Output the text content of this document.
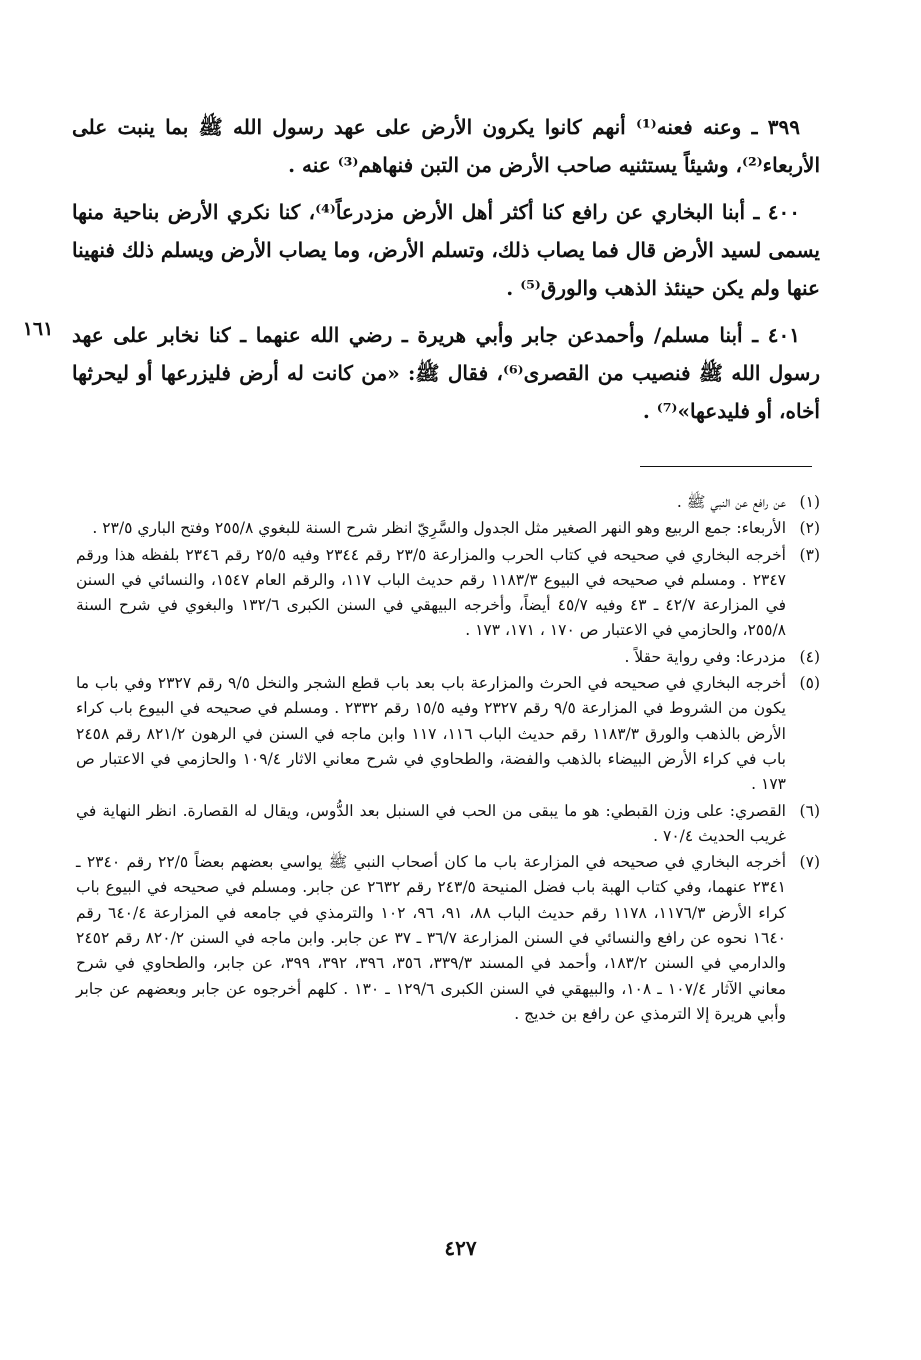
١٦١

٣٩٩ ـ وعنه فعنه⁽¹⁾ أنهم كانوا يكرون الأرض على عهد رسول الله ﷺ بما ينبت على الأربعاء⁽²⁾، وشيئاً يستثنيه صاحب الأرض من التبن فنهاهم⁽³⁾ عنه .

٤٠٠ ـ أبنا البخاري عن رافع كنا أكثر أهل الأرض مزدرعاً⁽⁴⁾، كنا نكري الأرض بناحية منها يسمى لسيد الأرض قال فما يصاب ذلك، وتسلم الأرض، وما يصاب الأرض ويسلم ذلك فنهينا عنها ولم يكن حينئذ الذهب والورق⁽⁵⁾ .

٤٠١ ـ أبنا مسلم/ وأحمدعن جابر وأبي هريرة ـ رضي الله عنهما ـ كنا نخابر على عهد رسول الله ﷺ فنصيب من القصرى⁽⁶⁾، فقال ﷺ: «من كانت له أرض فليزرعها أو ليحرثها أخاه، أو فليدعها»⁽⁷⁾ .

(١)
عن رافع عن النبي ﷺ .
(٢)
الأربعاء: جمع الربيع وهو النهر الصغير مثل الجدول والسَّرِيّ انظر شرح السنة للبغوي ٢٥٥/٨ وفتح الباري ٢٣/٥ .
(٣)
أخرجه البخاري في صحيحه في كتاب الحرب والمزارعة ٢٣/٥ رقم ٢٣٤٤ وفيه ٢٥/٥ رقم ٢٣٤٦ بلفظه هذا ورقم ٢٣٤٧ . ومسلم في صحيحه في البيوع ١١٨٣/٣ رقم حديث الباب ١١٧، والرقم العام ١٥٤٧، والنسائي في السنن في المزارعة ٤٢/٧ ـ ٤٣ وفيه ٤٥/٧ أيضاً، وأخرجه البيهقي في السنن الكبرى ١٣٢/٦ والبغوي في شرح السنة ٢٥٥/٨، والحازمي في الاعتبار ص ١٧٠ ، ١٧١، ١٧٣ .
(٤)
مزدرعا: وفي رواية حقلاً .
(٥)
أخرجه البخاري في صحيحه في الحرث والمزارعة باب بعد باب قطع الشجر والنخل ٩/٥ رقم ٢٣٢٧ وفي باب ما يكون من الشروط في المزارعة ٩/٥ رقم ٢٣٢٧ وفيه ١٥/٥ رقم ٢٣٣٢ . ومسلم في صحيحه في البيوع باب كراء الأرض بالذهب والورق ١١٨٣/٣ رقم حديث الباب ١١٦، ١١٧ وابن ماجه في السنن في الرهون ٨٢١/٢ رقم ٢٤٥٨ باب في كراء الأرض البيضاء بالذهب والفضة، والطحاوي في شرح معاني الاثار ١٠٩/٤ والحازمي في الاعتبار ص ١٧٣ .
(٦)
القصري: على وزن القبطي: هو ما يبقى من الحب في السنبل بعد الدُّوس، ويقال له القصارة. انظر النهاية في غريب الحديث ٧٠/٤ .
(٧)
أخرجه البخاري في صحيحه في المزارعة باب ما كان أصحاب النبي ﷺ يواسي بعضهم بعضاً ٢٢/٥ رقم ٢٣٤٠ ـ ٢٣٤١ عنهما، وفي كتاب الهبة باب فضل المنيحة ٢٤٣/٥ رقم ٢٦٣٢ عن جابر. ومسلم في صحيحه في البيوع باب كراء الأرض ١١٧٦/٣، ١١٧٨ رقم حديث الباب ٨٨، ٩١، ٩٦، ١٠٢ والترمذي في جامعه في المزارعة ٦٤٠/٤ رقم ١٦٤٠ نحوه عن رافع والنسائي في السنن المزارعة ٣٦/٧ ـ ٣٧ عن جابر. وابن ماجه في السنن ٨٢٠/٢ رقم ٢٤٥٢ والدارمي في السنن ١٨٣/٢، وأحمد في المسند ٣٣٩/٣، ٣٥٦، ٣٩٦، ٣٩٢، ٣٩٩، عن جابر، والطحاوي في شرح معاني الآثار ١٠٧/٤ ـ ١٠٨، والبيهقي في السنن الكبرى ١٢٩/٦ ـ ١٣٠ . كلهم أخرجوه عن جابر وبعضهم عن جابر وأبي هريرة إلا الترمذي عن رافع بن خديج .
٤٢٧
